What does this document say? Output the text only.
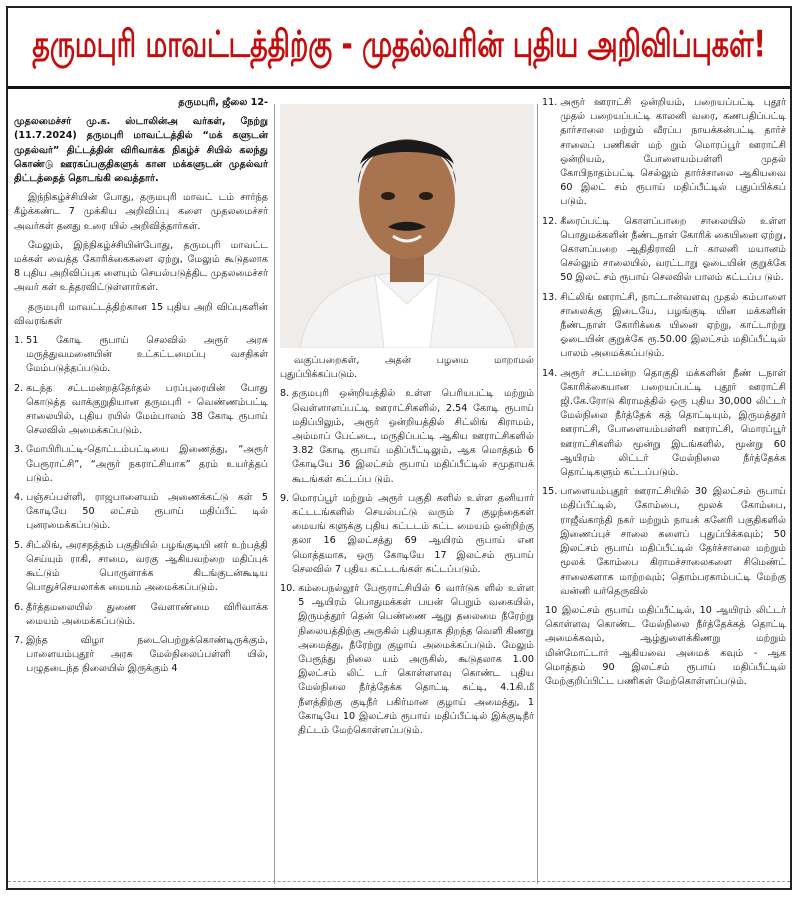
தருமபுரி மாவட்டத்திற்கு - முதல்வரின் புதிய அறிவிப்புகள்!

தருமபுரி, ஜீலை 12-

முதலமைச்சர் மு.க. ஸ்டாலின்அ வர்கள், நேற்று (11.7.2024) தருமபுரி மாவட்டத்தில் “மக் களுடன் முதல்வர்” திட்டத்தின் விரிவாக்க நிகழ்ச் சியில் கலந்து கொண்டு ஊரகப்பகுதிகளுக் கான மக்களுடன் முதல்வர் திட்டத்தைத் தொடங்கி வைத்தார்.

இந்நிகழ்ச்சியின் போது, தருமபுரி மாவட் டம் சார்ந்த கீழ்க்கண்ட 7 முக்கிய அறிவிப்பு களை முதலமைச்சர் அவர்கள் தனது உரை யில் அறிவித்தார்கள்.

மேலும், இந்நிகழ்ச்சியின்போது, தருமபுரி மாவட்ட மக்கள் வைத்த கோரிக்கைகளை ஏற்று, மேலும் கூடுதலாக 8 புதிய அறிவிப்புக ளையும் செயல்படுத்திட முதலமைச்சர் அவர் கள் உத்தரவிட்டுள்ளார்கள்.

தருமபுரி மாவட்டத்திற்கான 15 புதிய அறி விப்புகளின் விவரங்கள்

1. 51 கோடி ரூபாய் செலவில் அரூர் அரசு மருத்துவமனையின் உட்கட்டமைப்பு வசதிகள் மேம்படுத்தப்படும்.
2. கடந்த சட்டமன்றத்தேர்தல் பரப்புரையின் போது கொடுத்த வாக்குறுதியான தருமபுரி - வெண்ணம்பட்டி சாலையில், புதிய ரயில் மேம்பாலம் 38 கோடி ரூபாய் செலவில் அமைக்கப்படும்.
3. மோபிரிபட்டி-தொட்டம்பட்டியை இணைத்து, “அரூர் பேரூராட்சி”, “அரூர் நகராட்சியாக” தரம் உயர்த்தப் படும்.
4. பஞ்சப்பள்ளி, ராஜபாளையம் அணைக்கட்டு கள் 5 கோடியே 50 லட்சம் ரூபாய் மதிப்பீட் டில் புனரமைக்கப்படும்.
5. சிட்லிங், அரசநத்தம் பகுதியில் பழங்குடியி னர் உற்பத்தி செய்யும் ராகி, சாமை, வரகு ஆகியவற்றை மதிப்புக் கூட்டும் பொருளாக்க கிடங்குடன்கூடிய பொதுச்செயலாக்க மையம் அமைக்கப்படும்.
6. தீர்த்தமலையில் துணை வேளாண்மை விரிவாக்க மையம் அமைக்கப்படும்.
7. இந்த விழா நடைபெற்றுக்கொண்டிருக்கும், பாளையம்புதூர் அரசு மேல்நிலைப்பள்ளி யில், பழுதடைந்த நிலையில் இருக்கும் 4

வகுப்பறைகள், அதன் பழமை மாறாமல் புதுப்பிக்கப்படும்.

8. தருமபுரி ஒன்றியத்தில் உள்ள பெரியபட்டி மற்றும் வெள்ளாளப்பட்டி ஊராட்சிகளில், 2.54 கோடி ரூபாய் மதிப்பிலும், அரூர் ஒன்றியத்தில் சிட்லிங் கிராமம், அம்மாப் பேட்டை, மருதிப்பட்டி ஆகிய ஊராட்சிகளில் 3.82 கோடி ரூபாய் மதிப்பீட்டிலும், ஆக மொத்தம் 6 கோடியே 36 இலட்சம் ரூபாய் மதிப்பீட்டில் சமுதாயக் கூடங்கள் கட்டப்ப டும்.
9. மொரப்பூர் மற்றும் அரூர் பகுதி களில் உள்ள தனியார் கட்டடங்களில் செயல்பட்டு வரும் 7 குழந்தைகள் மையங் களுக்கு புதிய கட்டடம் கட்ட மையம் ஒன்றிற்கு தலா 16 இலட்சத்து 69 ஆயிரம் ரூபாய் என மொத்தமாக, ஒரு கோடியே 17 இலட்சம் ரூபாய் செலவில் 7 புதிய கட்டடங்கள் கட்டப்படும்.
10. கம்பைநல்லூர் பேரூராட்சியில் 6 வார்டுக ளில் உள்ள 5 ஆயிரம் பொதுமக்கள் பயன் பெறும் வகையில், இருமத்தூர் தென் பெண்ணை ஆறு தலைமை நீரேற்று நிலையத்திற்கு அருகில் புதியதாக திறந்த வெளி கிணறு அமைத்து, நீரேற்று குழாய் அமைக்கப்படும். மேலும் பேரூந்து நிலை யம் அருகில், கூடுதலாக 1.00 இலட்சம் லிட் டர் கொள்ளளவு கொண்ட புதிய மேல்நிலை நீர்த்தேக்க தொட்டி கட்டி, 4.1கி.மீ நீளத்திற்கு குடிநீர் பகிர்மான குழாய் அமைத்து, 1 கோடியே 10 இலட்சம் ரூபாய் மதிப்பீட்டில் இக்குடிநீர் திட்டம் மேற்கொள்ளப்படும்.
11. அரூர் ஊராட்சி ஒன்றியம், பறையப்பட்டி புதூர் முதல் பறையப்பட்டி காலனி வரை, கணபதிப்பட்டி தார்சாலை மற்றும் வீரப்ப நாயக்கன்பட்டி தார்ச் சாலைப் பணிகள் மற் றும் மொரப்பூர் ஊராட்சி ஒன்றியம், போளையம்பள்ளி முதல் கோபிநாதம்பட்டி செல்லும் தார்ச்சாலை ஆகியவை 60 இலட் சம் ரூபாய் மதிப்பீட்டில் புதுப்பிக்கப் படும்.
12. கீரைப்பட்டி கொளப்பாறை சாலையில் உள்ள பொதுமக்களின் நீண்டநாள் கோரிக் கையினை ஏற்று, கொளப்பறை ஆதிதிராவி டர் காலனி மயானம் செல்லும் சாலையில், வரட்டாறு ஓடையின் குறுக்கே 50 இலட் சம் ரூபாய் செலவில் பாலம் கட்டப்ப டும்.
13. சிட்லிங் ஊராட்சி, நாட்டான்வளவு முதல் கம்பாளை சாலைக்கு இடையே, பழங்குடி யின மக்களின் நீண்டநாள் கோரிக்கை யினை ஏற்று, காட்டாற்று ஓடையின் குறுக்கே ரூ.50.00 இலட்சம் மதிப்பீட்டில் பாலம் அமைக்கப்படும்.
14. அரூர் சட்டமன்ற தொகுதி மக்களின் நீண் டநாள் கோரிக்கையான பறையப்பட்டி புதூர் ஊராட்சி ஜி.கே.ரோடு கிராமத்தில் ஒரு புதிய 30,000 லிட்டர் மேல்நிலை நீர்த்தேக் கத் தொட்டியும், இருமத்தூர் ஊராட்சி, போளையம்பள்ளி ஊராட்சி, மொரப்பூர் ஊராட்சிகளில் மூன்று இடங்களில், மூன்று 60 ஆயிரம் லிட்டர் மேல்நிலை நீர்த்தேக்க தொட்டிகளும் கட்டப்படும்.
15. பாளையம்புதூர் ஊராட்சியில் 30 இலட்சம் ரூபாய் மதிப்பீட்டில், கோம்பை, மூலக் கோம்பை, ராஜீவ்காந்தி நகர் மற்றும் நாயக் கனேரி பகுதிகளில் இணைப்புச் சாலை களைப் புதுப்பிக்கவும்; 50 இலட்சம் ரூபாய் மதிப்பீட்டில் தேர்ச்சாலை மற்றும் மூலக் கோம்பை கிராமச்சாலைகளை சிமெண்ட் சாலைகளாக மாற்றவும்; தொம்பரகாம்பட்டி மேற்கு வன்னி யர்தெருவில்
10 இலட்சம் ரூபாய் மதிப்பீட்டில், 10 ஆயிரம் லிட்டர் கொள்ளவு கொண்ட மேல்நிலை நீர்த்தேக்கத் தொட்டி அமைக்கவும், ஆழ்துளைக்கிணறு மற்றும் மின்மோட்டார் ஆகியவை அமைக் கவும் - ஆக மொத்தம் 90 இலட்சம் ரூபாய் மதிப்பீட்டில் மேற்குறிப்பிட்ட பணிகள் மேற்கொள்ளப்படும்.
